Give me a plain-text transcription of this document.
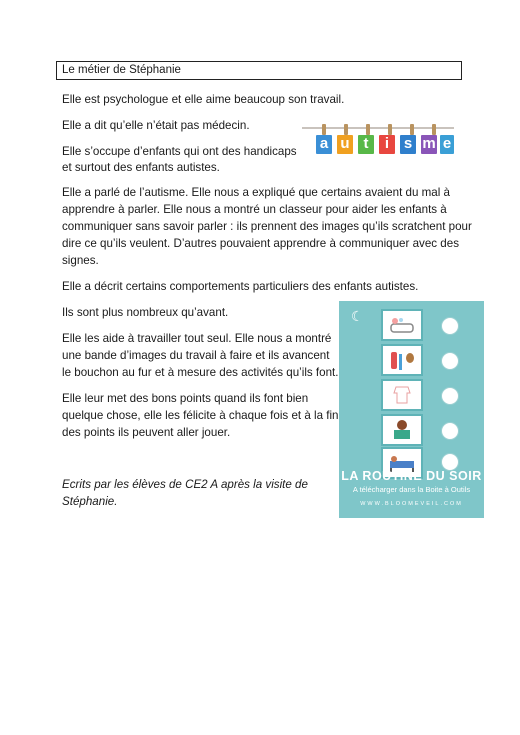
Le métier de Stéphanie

Elle est psychologue et elle aime beaucoup son travail.

Elle a dit qu’elle n’était pas médecin.

Elle s’occupe d’enfants qui ont des handicaps

et surtout des enfants autistes.

Elle a parlé de l’autisme. Elle nous a expliqué que certains avaient du mal à

apprendre à parler. Elle nous a montré un classeur pour aider les enfants à

communiquer sans savoir parler : ils prennent des images qu’ils scratchent pour

dire ce qu’ils veulent. D’autres pouvaient apprendre à communiquer avec des

signes.

Elle a décrit certains comportements particuliers des enfants autistes.

Ils sont plus nombreux qu’avant.

Elle les aide à travailler tout seul. Elle nous a montré

une bande d’images du travail à faire et ils avancent

le bouchon au fur et à mesure des activités qu’ils font.

Elle leur met des bons points quand ils font bien

quelque chose, elle les félicite à chaque fois et à la fin

des points ils peuvent aller jouer.

Ecrits par les élèves de CE2 A après la visite de

Stéphanie.

a u t	i s m e
☾
LA ROUTINE DU SOIR
A télécharger dans la Boite à Outils
WWW.BLOOMEVEIL.COM
